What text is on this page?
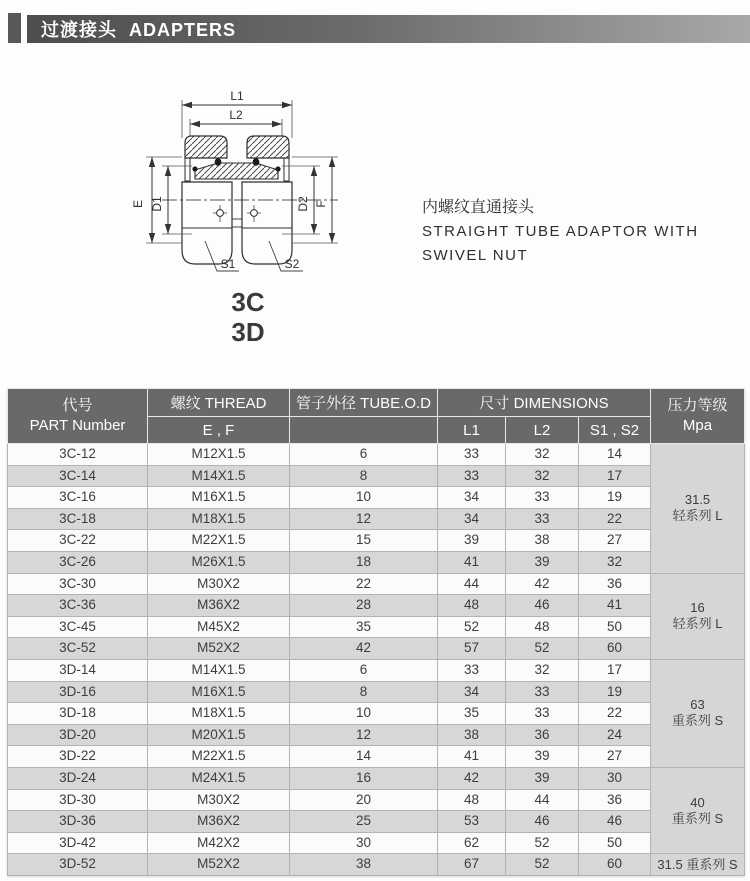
过渡接头  ADAPTERS
L1
L2
E D1	D2 F
S1	S2
3C
3D
内螺纹直通接头
STRAIGHT TUBE ADAPTOR WITH
SWIVEL NUT
代号
PART Number
	螺纹 THREAD	管子外径 TUBE.O.D	尺寸 DIMENSIONS	压力等级
Mpa

	E , F		L1	L2	S1 , S2	
3C-12	M12X1.5	6	33	32	14	31.5
轻系列 L

3C-14	M14X1.5	8	33	32	17	
3C-16	M16X1.5	10	34	33	19	
3C-18	M18X1.5	12	34	33	22	
3C-22	M22X1.5	15	39	38	27	
3C-26	M26X1.5	18	41	39	32	
3C-30	M30X2	22	44	42	36	16
轻系列 L

3C-36	M36X2	28	48	46	41	
3C-45	M45X2	35	52	48	50	
3C-52	M52X2	42	57	52	60	
3D-14	M14X1.5	6	33	32	17	63
重系列 S

3D-16	M16X1.5	8	34	33	19	
3D-18	M18X1.5	10	35	33	22	
3D-20	M20X1.5	12	38	36	24	
3D-22	M22X1.5	14	41	39	27	
3D-24	M24X1.5	16	42	39	30	40
重系列 S

3D-30	M30X2	20	48	44	36	
3D-36	M36X2	25	53	46	46	
3D-42	M42X2	30	62	52	50	
3D-52	M52X2	38	67	52	60	31.5 重系列 S
